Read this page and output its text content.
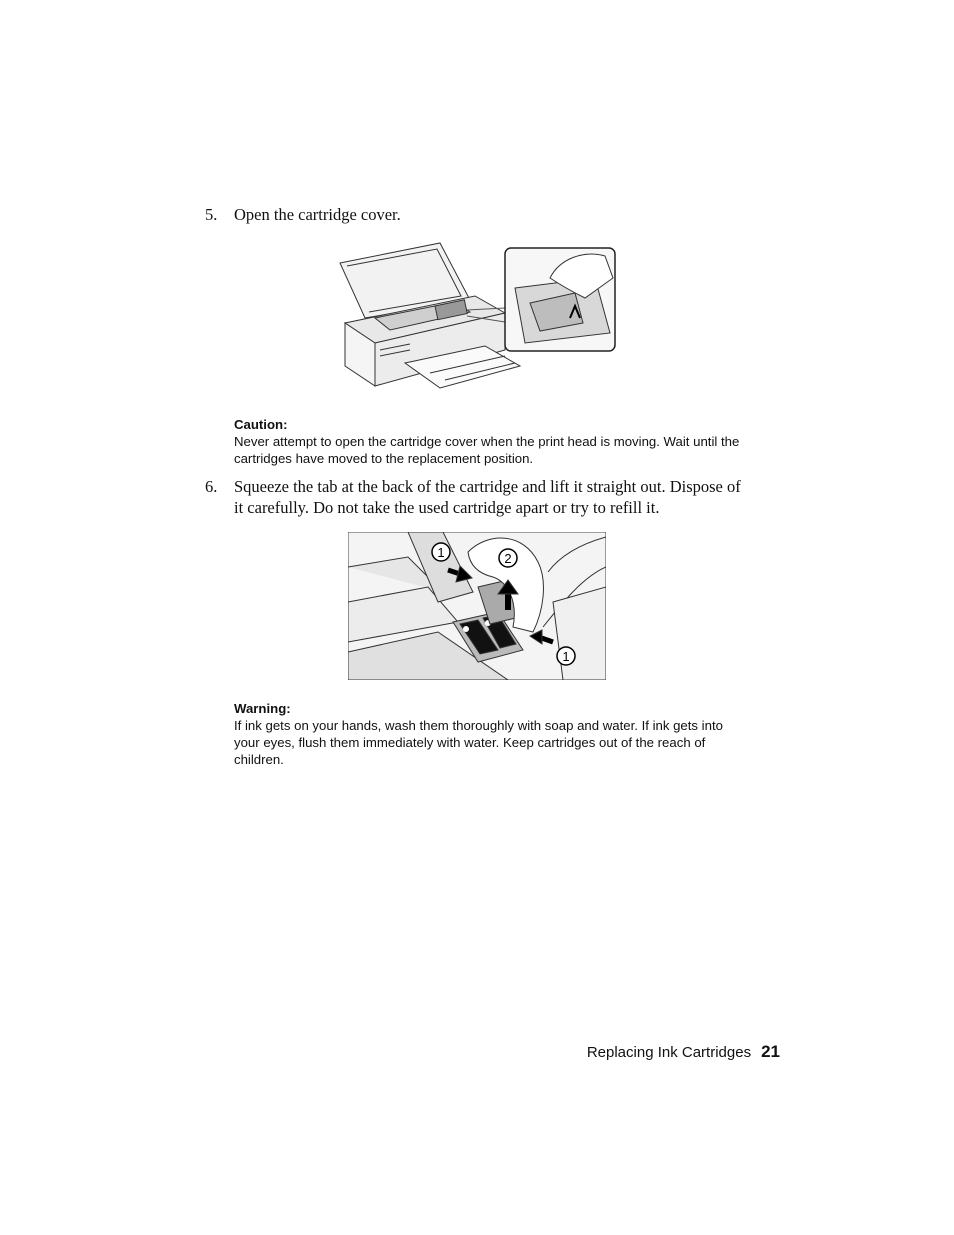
5.	Open the cartridge cover.
Caution:
Never attempt to open the cartridge cover when the print head is moving. Wait until the cartridges have moved to the replacement position.
6.	Squeeze the tab at the back of the cartridge and lift it straight out. Dispose of it carefully. Do not take the used cartridge apart or try to refill it.
1	2
1
Warning:
If ink gets on your hands, wash them thoroughly with soap and water. If ink gets into your eyes, flush them immediately with water. Keep cartridges out of the reach of children.
Replacing Ink Cartridges 21
